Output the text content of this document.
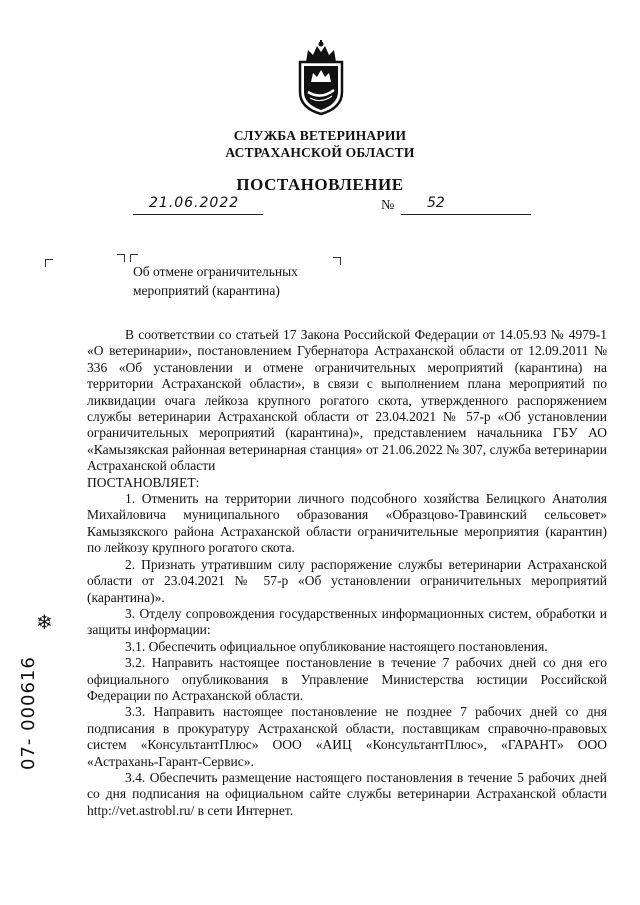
СЛУЖБА ВЕТЕРИНАРИИ
АСТРАХАНСКОЙ ОБЛАСТИ
ПОСТАНОВЛЕНИЕ
21.06.2022	№ 52
Об отмене ограничительных
мероприятий (карантина)

В соответствии со статьей 17 Закона Российской Федерации от 14.05.93 № 4979-1 «О ветеринарии», постановлением Губернатора Астраханской области от 12.09.2011 № 336 «Об установлении и отмене ограничительных мероприятий (карантина) на территории Астраханской области», в связи с выполнением плана мероприятий по ликвидации очага лейкоза крупного рогатого скота, утвержденного распоряжением службы ветеринарии Астраханской области от 23.04.2021 № 57-р «Об установлении ограничительных мероприятий (карантина)», представлением начальника ГБУ АО «Камызякская районная ветеринарная станция» от 21.06.2022 № 307, служба ветеринарии Астраханской области

ПОСТАНОВЛЯЕТ:

1. Отменить на территории личного подсобного хозяйства Белицкого Анатолия Михайловича муниципального образования «Образцово-Травинский сельсовет» Камызякского района Астраханской области ограничительные мероприятия (карантин) по лейкозу крупного рогатого скота.

2. Признать утратившим силу распоряжение службы ветеринарии Астраханской области от 23.04.2021 № 57-р «Об установлении ограничительных мероприятий (карантина)».

3. Отделу сопровождения государственных информационных систем, обработки и защиты информации:

3.1. Обеспечить официальное опубликование настоящего постановления.

3.2. Направить настоящее постановление в течение 7 рабочих дней со дня его официального опубликования в Управление Министерства юстиции Российской Федерации по Астраханской области.

3.3. Направить настоящее постановление не позднее 7 рабочих дней со дня подписания в прокуратуру Астраханской области, поставщикам справочно-правовых систем «КонсультантПлюс» ООО «АИЦ «КонсультантПлюс», «ГАРАНТ» ООО «Астрахань-Гарант-Сервис».

3.4. Обеспечить размещение настоящего постановления в течение 5 рабочих дней со дня подписания на официальном сайте службы ветеринарии Астраханской области http://vet.astrobl.ru/ в сети Интернет.

❄
07- 000616
